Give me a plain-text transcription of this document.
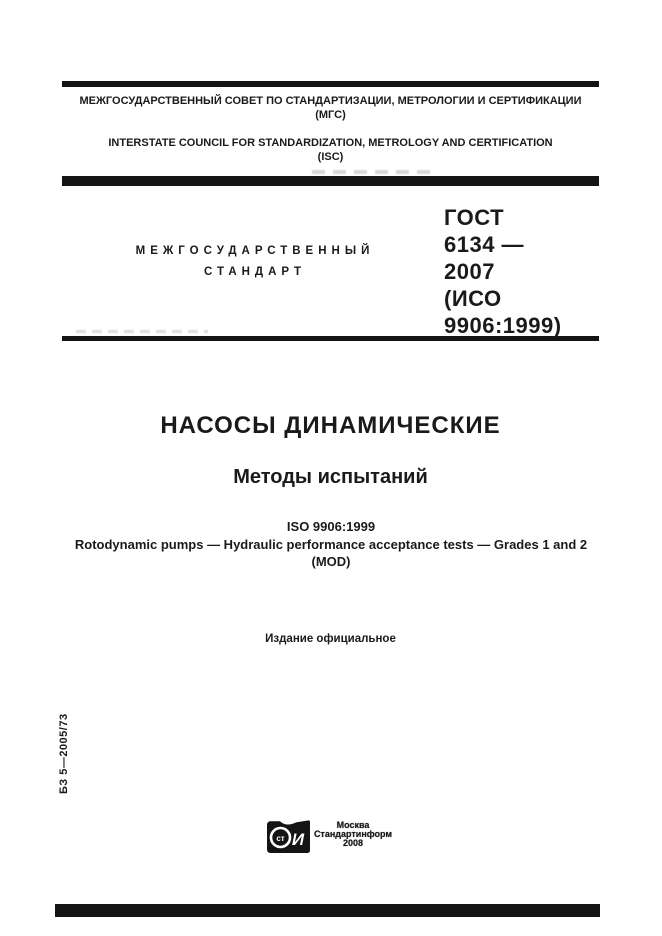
МЕЖГОСУДАРСТВЕННЫЙ СОВЕТ ПО СТАНДАРТИЗАЦИИ, МЕТРОЛОГИИ И СЕРТИФИКАЦИИ
(МГС)
INTERSTATE COUNCIL FOR STANDARDIZATION, METROLOGY AND CERTIFICATION
(ISC)
МЕЖГОСУДАРСТВЕННЫЙ
СТАНДАРТ
ГОСТ
6134 —
2007
(ИСО 9906:1999)
НАСОСЫ ДИНАМИЧЕСКИЕ
Методы испытаний
ISO 9906:1999
Rotodynamic pumps — Hydraulic performance acceptance tests — Grades 1 and 2
(MOD)
Издание официальное
БЗ 5—2005/73
ст И
Москва
Стандартинформ
2008
